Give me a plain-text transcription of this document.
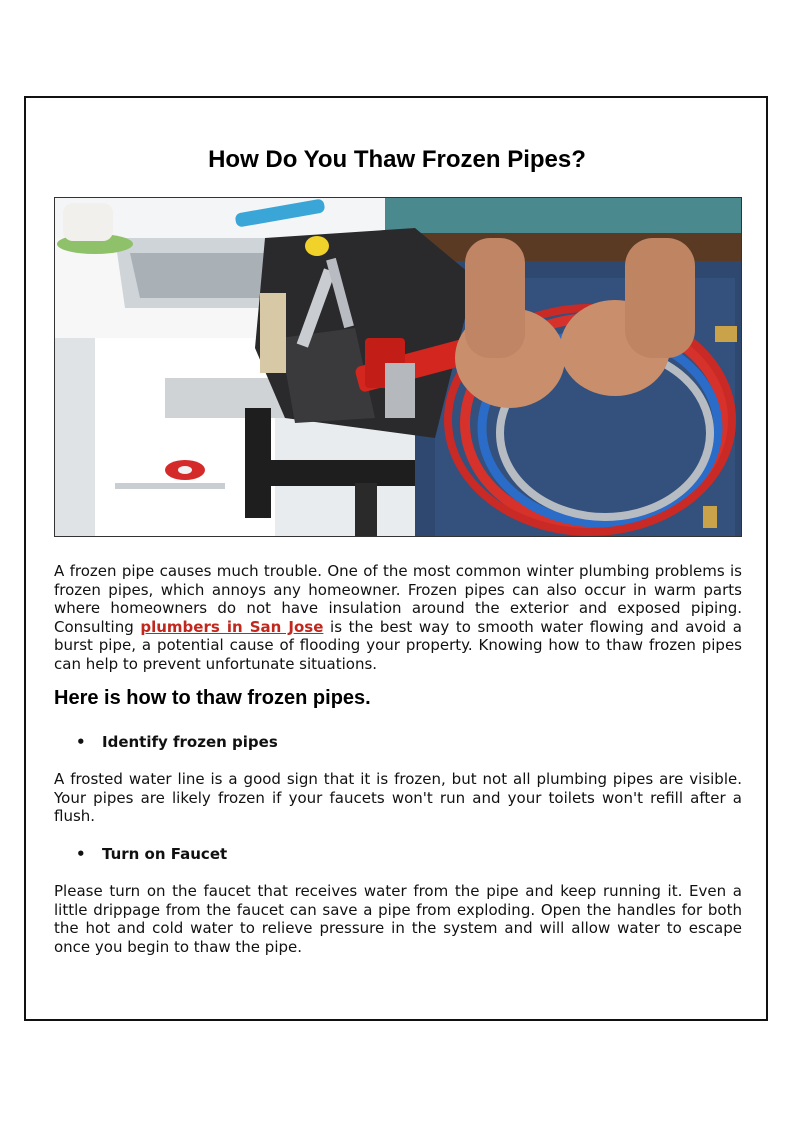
How Do You Thaw Frozen Pipes?

A frozen pipe causes much trouble. One of the most common winter plumbing problems is frozen pipes, which annoys any homeowner. Frozen pipes can also occur in warm parts where homeowners do not have insulation around the exterior and exposed piping. Consulting plumbers in San Jose is the best way to smooth water flowing and avoid a burst pipe, a potential cause of flooding your property. Knowing how to thaw frozen pipes can help to prevent unfortunate situations.

Here is how to thaw frozen pipes.
• Identify frozen pipes

A frosted water line is a good sign that it is frozen, but not all plumbing pipes are visible. Your pipes are likely frozen if your faucets won't run and your toilets won't refill after a flush.

• Turn on Faucet

Please turn on the faucet that receives water from the pipe and keep running it. Even a little drippage from the faucet can save a pipe from exploding. Open the handles for both the hot and cold water to relieve pressure in the system and will allow water to escape once you begin to thaw the pipe.
